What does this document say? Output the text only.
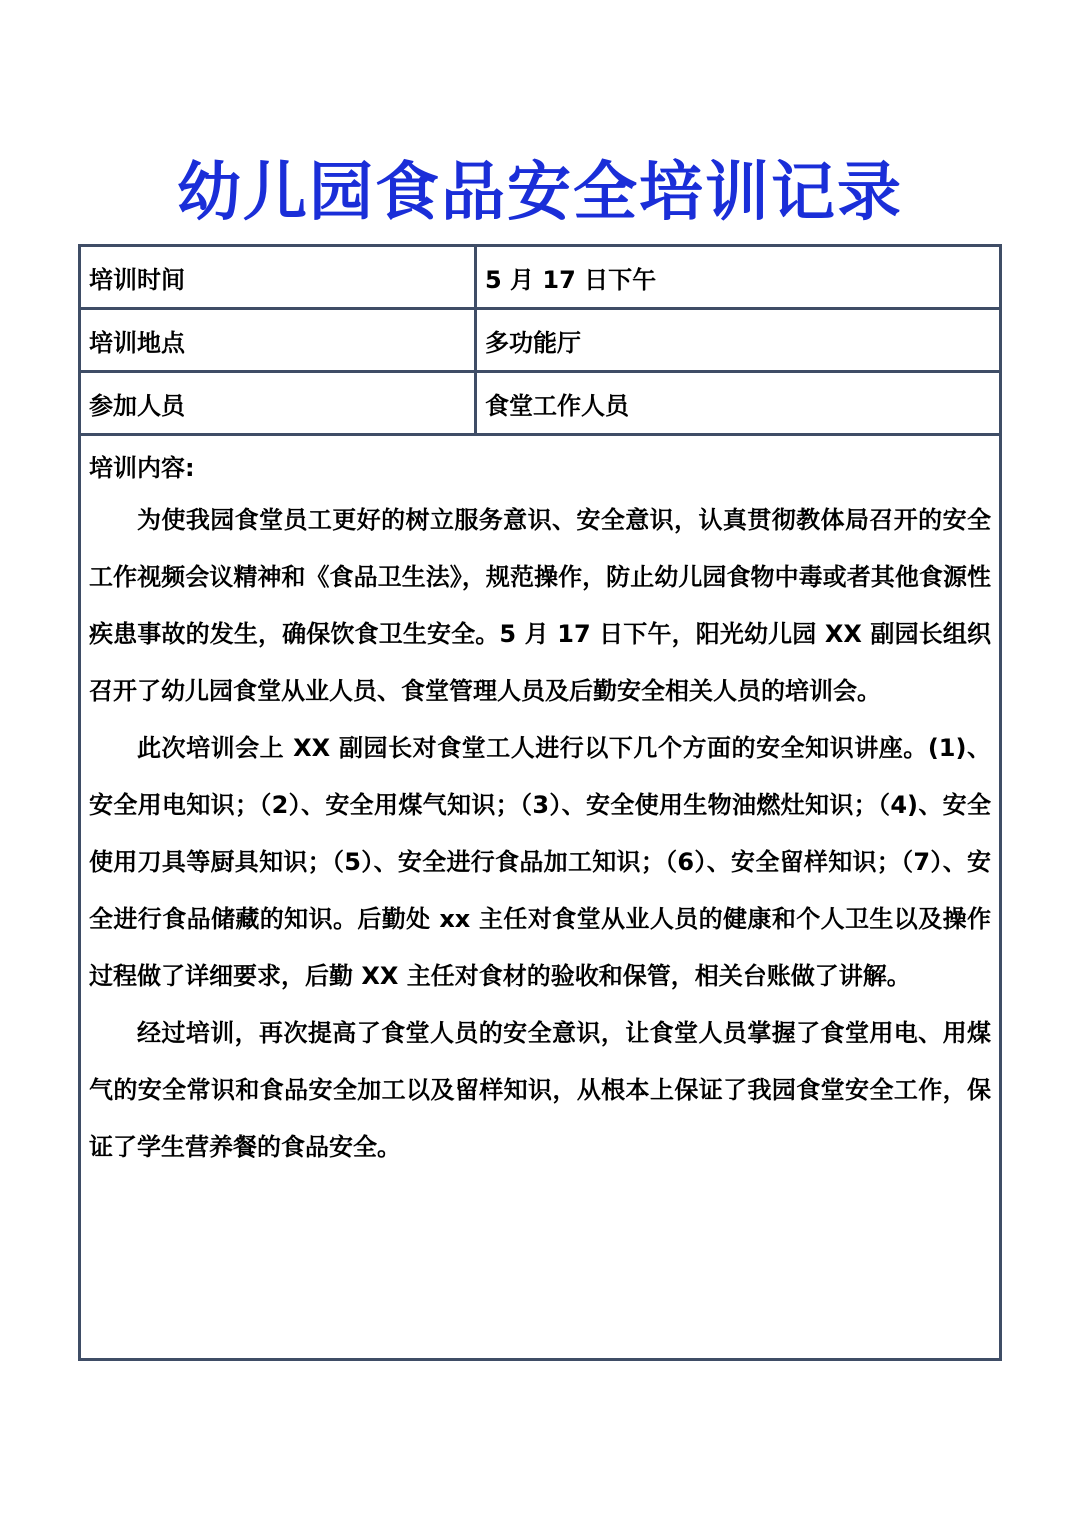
幼儿园食品安全培训记录
培训时间	5 月 17 日下午
培训地点	多功能厅
参加人员	食堂工作人员

培训内容:

为使我园食堂员工更好的树立服务意识、安全意识，认真贯彻教体局召开的安全工作视频会议精神和《食品卫生法》，规范操作，防止幼儿园食物中毒或者其他食源性疾患事故的发生，确保饮食卫生安全。5 月 17 日下午，阳光幼儿园 XX 副园长组织召开了幼儿园食堂从业人员、食堂管理人员及后勤安全相关人员的培训会。

此次培训会上 XX 副园长对食堂工人进行以下几个方面的安全知识讲座。(1)、安全用电知识；（2）、安全用煤气知识；（3）、安全使用生物油燃灶知识；（4)、安全使用刀具等厨具知识；（5）、安全进行食品加工知识；（6）、安全留样知识；（7）、安全进行食品储藏的知识。后勤处 xx 主任对食堂从业人员的健康和个人卫生以及操作过程做了详细要求，后勤 XX 主任对食材的验收和保管，相关台账做了讲解。

经过培训，再次提高了食堂人员的安全意识，让食堂人员掌握了食堂用电、用煤气的安全常识和食品安全加工以及留样知识，从根本上保证了我园食堂安全工作，保证了学生营养餐的食品安全。	
